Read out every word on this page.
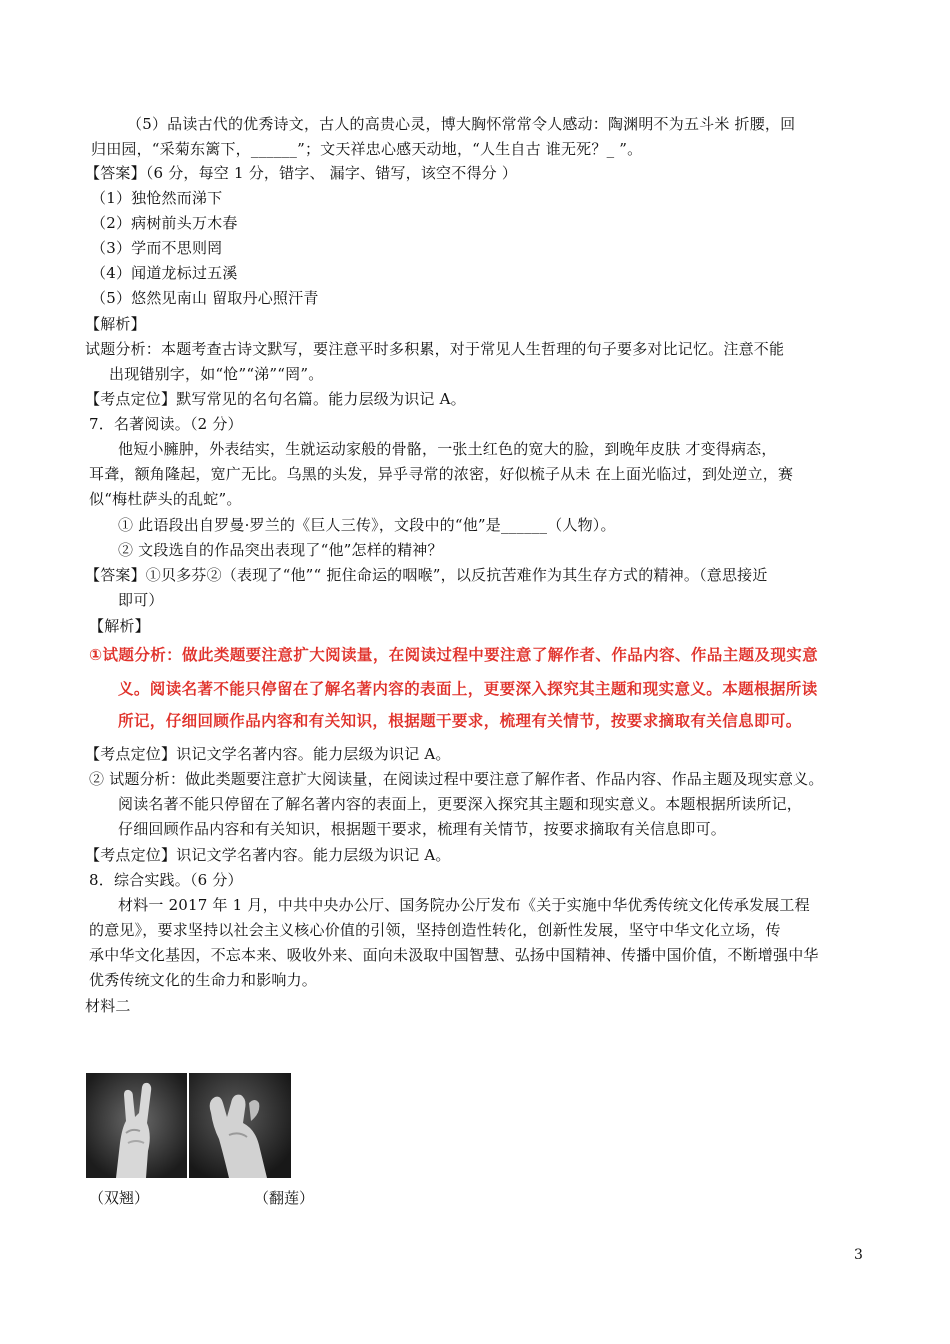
（5）品读古代的优秀诗文，古人的高贵心灵，博大胸怀常常令人感动：陶渊明不为五斗米 折腰，回
归田园，“采菊东篱下，______”；文天祥忠心感天动地，“人生自古 谁无死？_ ”。
【答案】（6 分，每空 1 分，错字、 漏字、错写，该空不得分 ）
（1）独怆然而涕下
（2）病树前头万木春
（3）学而不思则罔
（4）闻道龙标过五溪
（5）悠然见南山 留取丹心照汗青
【解析】
试题分析：本题考查古诗文默写，要注意平时多积累，对于常见人生哲理的句子要多对比记忆。注意不能
出现错别字，如“怆”“涕”“罔”。
【考点定位】默写常见的名句名篇。能力层级为识记 A。
7．名著阅读。（2 分）
他短小臃肿，外表结实，生就运动家般的骨骼，一张土红色的宽大的脸，到晚年皮肤 才变得病态，
耳聋，额角隆起，宽广无比。乌黑的头发，异乎寻常的浓密，好似梳子从未 在上面光临过，到处逆立，赛
似“梅杜萨头的乱蛇”。
① 此语段出自罗曼·罗兰的《巨人三传》，文段中的“他”是______（人物）。
② 文段选自的作品突出表现了“他”怎样的精神？
【答案】①贝多芬②（表现了“他”“ 扼住命运的咽喉”，以反抗苦难作为其生存方式的精神。（意思接近
即可）
【解析】
①试题分析：做此类题要注意扩大阅读量，在阅读过程中要注意了解作者、作品内容、作品主题及现实意
义。阅读名著不能只停留在了解名著内容的表面上，更要深入探究其主题和现实意义。本题根据所读
所记，仔细回顾作品内容和有关知识，根据题干要求，梳理有关情节，按要求摘取有关信息即可。
【考点定位】识记文学名著内容。能力层级为识记 A。
② 试题分析：做此类题要注意扩大阅读量，在阅读过程中要注意了解作者、作品内容、作品主题及现实意义。
阅读名著不能只停留在了解名著内容的表面上，更要深入探究其主题和现实意义。本题根据所读所记，
仔细回顾作品内容和有关知识，根据题干要求，梳理有关情节，按要求摘取有关信息即可。
【考点定位】识记文学名著内容。能力层级为识记 A。
8．综合实践。（6 分）
材料一 2017 年 1 月，中共中央办公厅、国务院办公厅发布《关于实施中华优秀传统文化传承发展工程
的意见》，要求坚持以社会主义核心价值的引领，坚持创造性转化，创新性发展，坚守中华文化立场，传
承中华文化基因，不忘本来、吸收外来、面向未汲取中国智慧、弘扬中国精神、传播中国价值，不断增强中华
优秀传统文化的生命力和影响力。
材料二
（双翘）	（翻莲）
3
